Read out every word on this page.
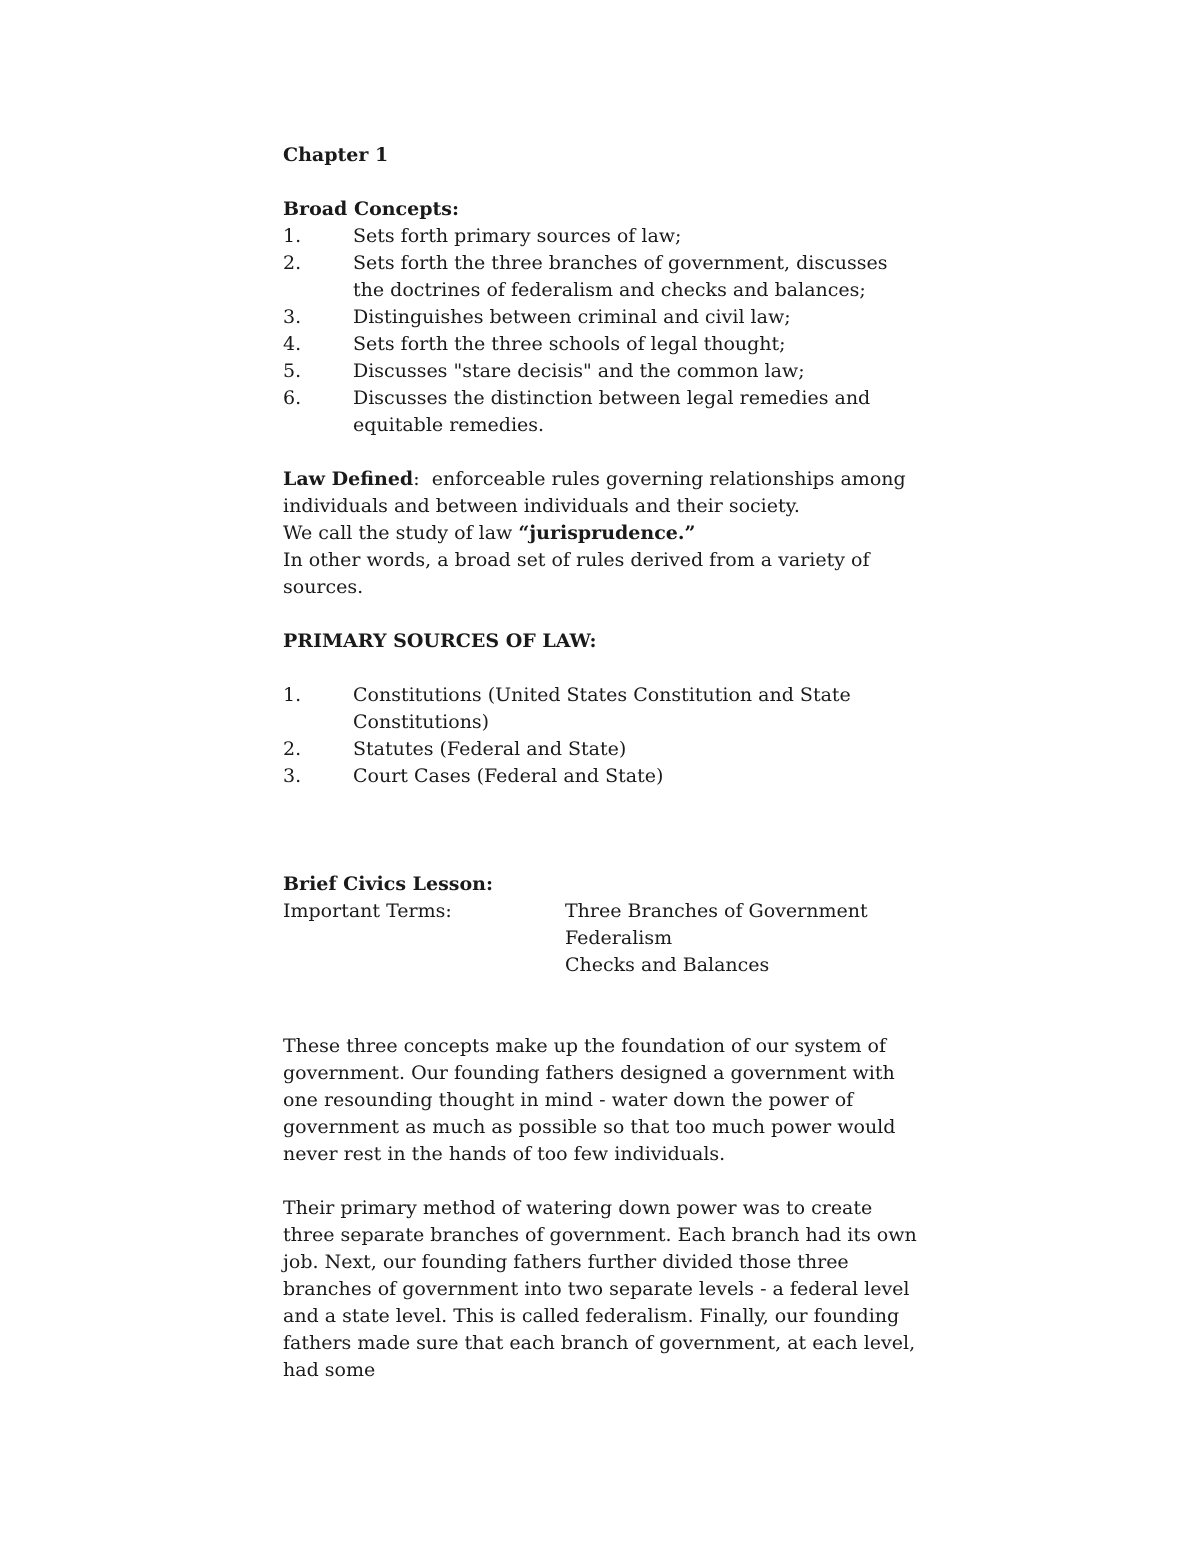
Chapter 1
Broad Concepts:
1.	Sets forth primary sources of law;
2.	Sets forth the three branches of government, discusses the doctrines of federalism and checks and balances;
3.	Distinguishes between criminal and civil law;
4.	Sets forth the three schools of legal thought;
5.	Discusses "stare decisis" and the common law;
6.	Discusses the distinction between legal remedies and equitable remedies.
Law Defined: enforceable rules governing relationships among individuals and between individuals and their society.
We call the study of law “jurisprudence.”
In other words, a broad set of rules derived from a variety of sources.
PRIMARY SOURCES OF LAW:
1.	Constitutions (United States Constitution and State Constitutions)
2.	Statutes (Federal and State)
3.	Court Cases (Federal and State)
Brief Civics Lesson:
Important Terms:	Three Branches of Government
Federalism
Checks and Balances
These three concepts make up the foundation of our system of government. Our founding fathers designed a government with one resounding thought in mind - water down the power of government as much as possible so that too much power would never rest in the hands of too few individuals.
Their primary method of watering down power was to create three separate branches of government. Each branch had its own job. Next, our founding fathers further divided those three branches of government into two separate levels - a federal level and a state level. This is called federalism. Finally, our founding fathers made sure that each branch of government, at each level, had some
